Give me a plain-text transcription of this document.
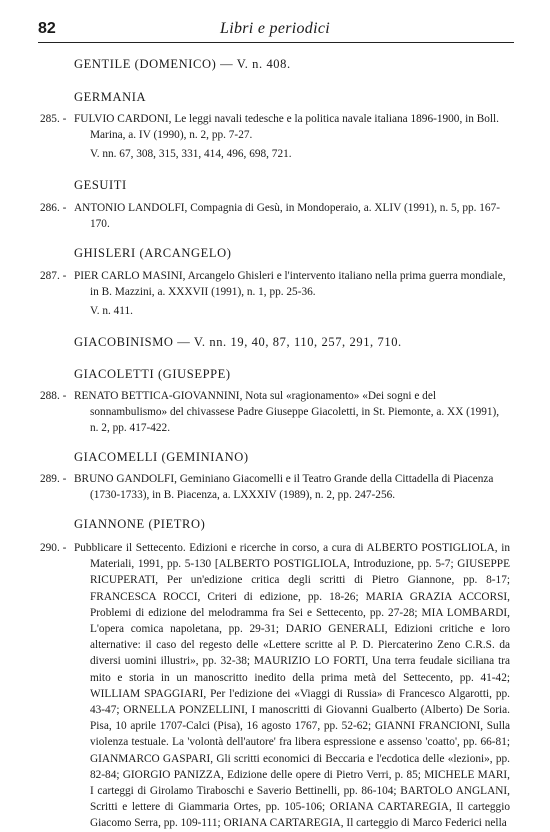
82	Libri e periodici
GENTILE (DOMENICO) — V. n. 408.
GERMANIA
285. - FULVIO CARDONI, Le leggi navali tedesche e la politica navale italiana 1896-1900, in Boll. Marina, a. IV (1990), n. 2, pp. 7-27.

V. nn. 67, 308, 315, 331, 414, 496, 698, 721.
GESUITI
286. - ANTONIO LANDOLFI, Compagnia di Gesù, in Mondoperaio, a. XLIV (1991), n. 5, pp. 167-170.

GHISLERI (ARCANGELO)
287. - PIER CARLO MASINI, Arcangelo Ghisleri e l'intervento italiano nella prima guerra mondiale, in B. Mazzini, a. XXXVII (1991), n. 1, pp. 25-36.

V. n. 411.
GIACOBINISMO — V. nn. 19, 40, 87, 110, 257, 291, 710.
GIACOLETTI (GIUSEPPE)
288. - RENATO BETTICA-GIOVANNINI, Nota sul «ragionamento» «Dei sogni e del sonnambulismo» del chivassese Padre Giuseppe Giacoletti, in St. Piemonte, a. XX (1991), n. 2, pp. 417-422.

GIACOMELLI (GEMINIANO)
289. - BRUNO GANDOLFI, Geminiano Giacomelli e il Teatro Grande della Cittadella di Piacenza (1730-1733), in B. Piacenza, a. LXXXIV (1989), n. 2, pp. 247-256.

GIANNONE (PIETRO)
290. - Pubblicare il Settecento. Edizioni e ricerche in corso, a cura di ALBERTO POSTIGLIOLA, in Materiali, 1991, pp. 5-130 [ALBERTO POSTIGLIOLA, Introduzione, pp. 5-7; GIUSEPPE RICUPERATI, Per un'edizione critica degli scritti di Pietro Giannone, pp. 8-17; FRANCESCA ROCCI, Criteri di edizione, pp. 18-26; MARIA GRAZIA ACCORSI, Problemi di edizione del melodramma fra Sei e Settecento, pp. 27-28; MIA LOMBARDI, L'opera comica napoletana, pp. 29-31; DARIO GENERALI, Edizioni critiche e loro alternative: il caso del regesto delle «Lettere scritte al P. D. Piercaterino Zeno C.R.S. da diversi uomini illustri», pp. 32-38; MAURIZIO LO FORTI, Una terra feudale siciliana tra mito e storia in un manoscritto inedito della prima metà del Settecento, pp. 41-42; WILLIAM SPAGGIARI, Per l'edizione dei «Viaggi di Russia» di Francesco Algarotti, pp. 43-47; ORNELLA PONZELLINI, I manoscritti di Giovanni Gualberto (Alberto) De Soria. Pisa, 10 aprile 1707-Calci (Pisa), 16 agosto 1767, pp. 52-62; GIANNI FRANCIONI, Sulla violenza testuale. La 'volontà dell'autore' fra libera espressione e assenso 'coatto', pp. 66-81; GIANMARCO GASPARI, Gli scritti economici di Beccaria e l'ecdotica delle «lezioni», pp. 82-84; GIORGIO PANIZZA, Edizione delle opere di Pietro Verri, p. 85; MICHELE MARI, I carteggi di Girolamo Tiraboschi e Saverio Bettinelli, pp. 86-104; BARTOLO ANGLANI, Scritti e lettere di Giammaria Ortes, pp. 105-106; ORIANA CARTAREGIA, Il carteggio Giacomo Serra, pp. 109-111; ORIANA CARTAREGIA, Il carteggio di Marco Federici nella
